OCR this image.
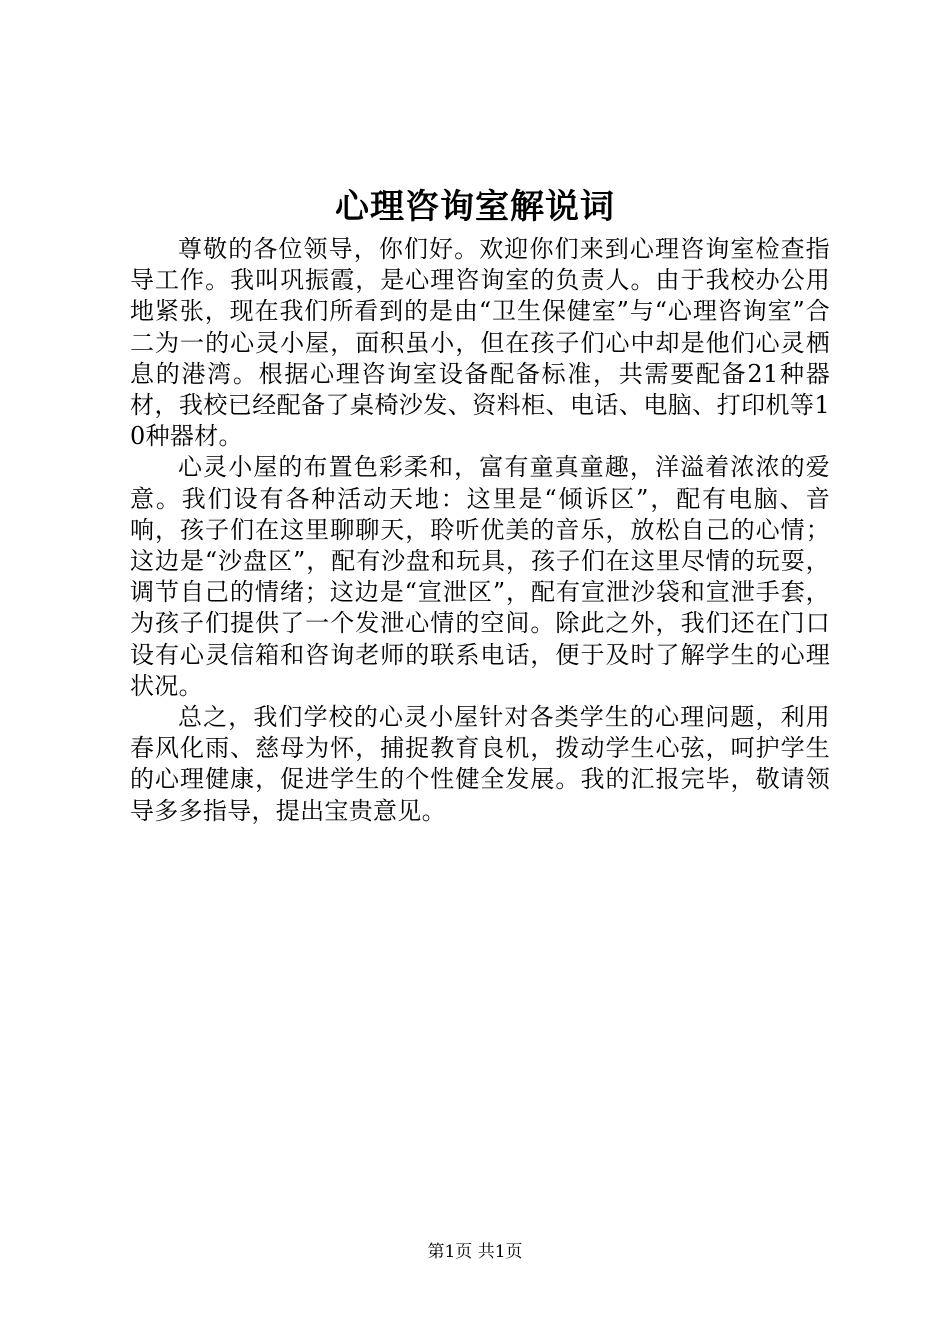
心理咨询室解说词

尊敬的各位领导，你们好。欢迎你们来到心理咨询室检查指导工作。我叫巩振霞，是心理咨询室的负责人。由于我校办公用地紧张，现在我们所看到的是由“卫生保健室”与“心理咨询室”合二为一的心灵小屋，面积虽小，但在孩子们心中却是他们心灵栖息的港湾。根据心理咨询室设备配备标准，共需要配备21种器材，我校已经配备了桌椅沙发、资料柜、电话、电脑、打印机等10种器材。

心灵小屋的布置色彩柔和，富有童真童趣，洋溢着浓浓的爱意。我们设有各种活动天地：这里是“倾诉区”，配有电脑、音响，孩子们在这里聊聊天，聆听优美的音乐，放松自己的心情；这边是“沙盘区”，配有沙盘和玩具，孩子们在这里尽情的玩耍，调节自己的情绪；这边是“宣泄区”，配有宣泄沙袋和宣泄手套，为孩子们提供了一个发泄心情的空间。除此之外，我们还在门口设有心灵信箱和咨询老师的联系电话，便于及时了解学生的心理状况。

总之，我们学校的心灵小屋针对各类学生的心理问题，利用春风化雨、慈母为怀，捕捉教育良机，拨动学生心弦，呵护学生的心理健康，促进学生的个性健全发展。我的汇报完毕，敬请领导多多指导，提出宝贵意见。

第1页 共1页
